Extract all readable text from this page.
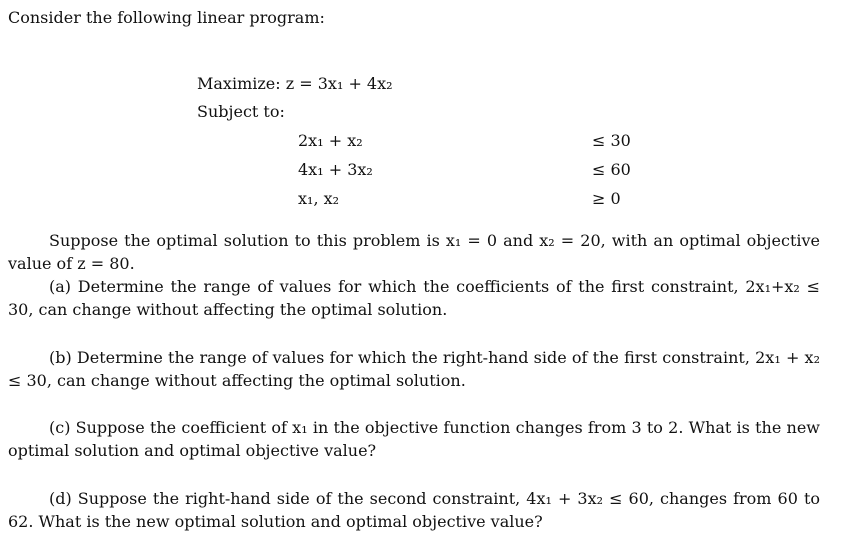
Consider the following linear program:
Maximize: z = 3x₁ + 4x₂
Subject to:
2x₁ + x₂	≤ 30
4x₁ + 3x₂	≤ 60
x₁, x₂	≥ 0
Suppose the optimal solution to this problem is x₁ = 0 and x₂ = 20, with an optimal objective value of z = 80.
(a) Determine the range of values for which the coefficients of the first constraint, 2x₁+x₂ ≤ 30, can change without affecting the optimal solution.
(b) Determine the range of values for which the right-hand side of the first constraint, 2x₁ + x₂ ≤ 30, can change without affecting the optimal solution.
(c) Suppose the coefficient of x₁ in the objective function changes from 3 to 2. What is the new optimal solution and optimal objective value?
(d) Suppose the right-hand side of the second constraint, 4x₁ + 3x₂ ≤ 60, changes from 60 to 62. What is the new optimal solution and optimal objective value?
